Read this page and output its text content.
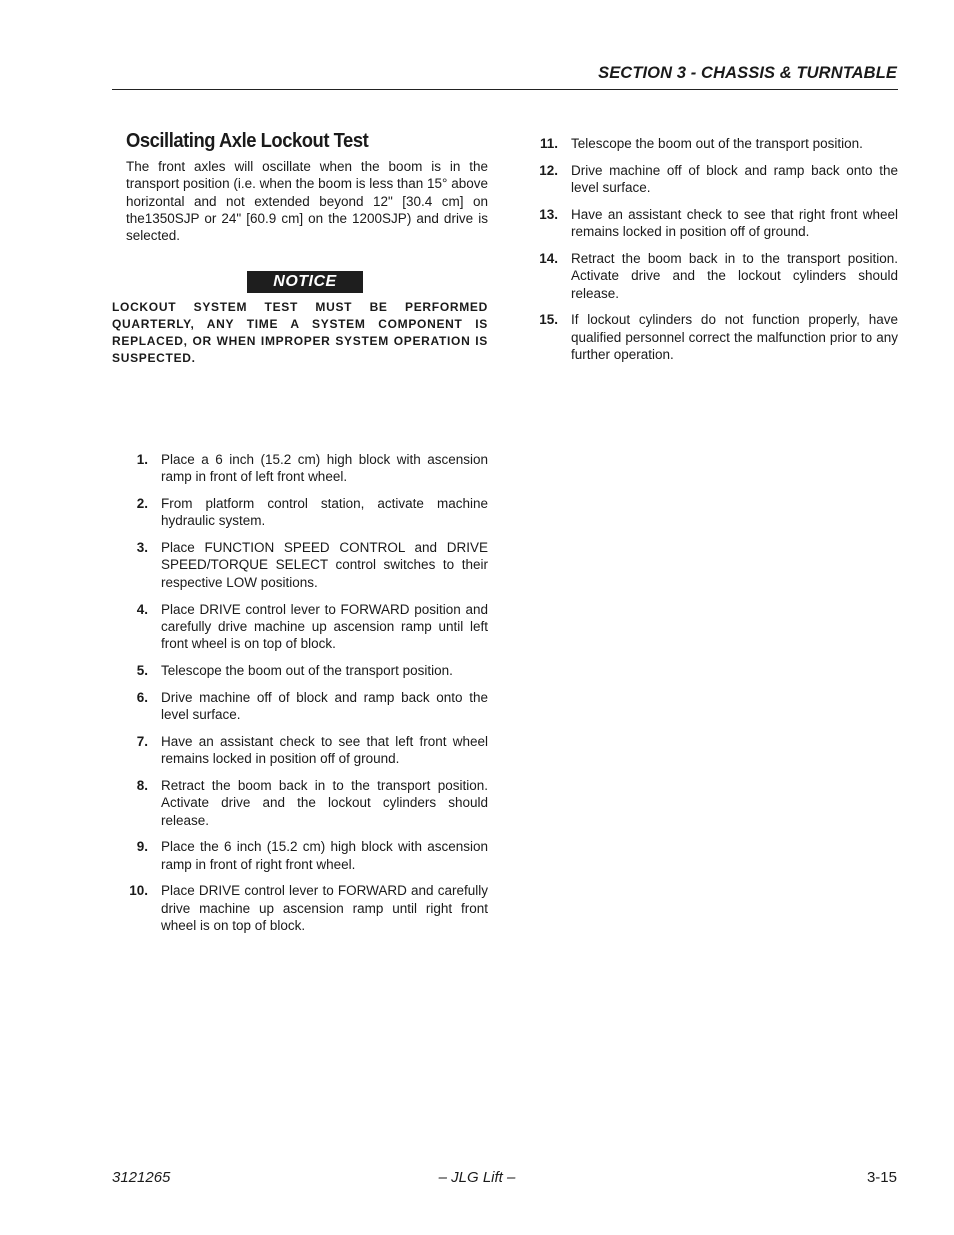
SECTION 3 - CHASSIS & TURNTABLE
Oscillating Axle Lockout Test

The front axles will oscillate when the boom is in the transport position (i.e. when the boom is less than 15° above horizontal and not extended beyond 12" [30.4 cm] on the1350SJP or 24" [60.9 cm] on the 1200SJP) and drive is selected.

NOTICE
LOCKOUT SYSTEM TEST MUST BE PERFORMED QUARTERLY, ANY TIME A SYSTEM COMPONENT IS REPLACED, OR WHEN IMPROPER SYSTEM OPERATION IS SUSPECTED.
1. Place a 6 inch (15.2 cm) high block with ascension ramp in front of left front wheel.
2. From platform control station, activate machine hydraulic system.
3. Place FUNCTION SPEED CONTROL and DRIVE SPEED/TORQUE SELECT control switches to their respective LOW positions.
4. Place DRIVE control lever to FORWARD position and carefully drive machine up ascension ramp until left front wheel is on top of block.
5. Telescope the boom out of the transport position.
6. Drive machine off of block and ramp back onto the level surface.
7. Have an assistant check to see that left front wheel remains locked in position off of ground.
8. Retract the boom back in to the transport position. Activate drive and the lockout cylinders should release.
9. Place the 6 inch (15.2 cm) high block with ascension ramp in front of right front wheel.
10. Place DRIVE control lever to FORWARD and carefully drive machine up ascension ramp until right front wheel is on top of block.
11. Telescope the boom out of the transport position.
12. Drive machine off of block and ramp back onto the level surface.
13. Have an assistant check to see that right front wheel remains locked in position off of ground.
14. Retract the boom back in to the transport position. Activate drive and the lockout cylinders should release.
15. If lockout cylinders do not function properly, have qualified personnel correct the malfunction prior to any further operation.
3121265	– JLG Lift –	3-15
